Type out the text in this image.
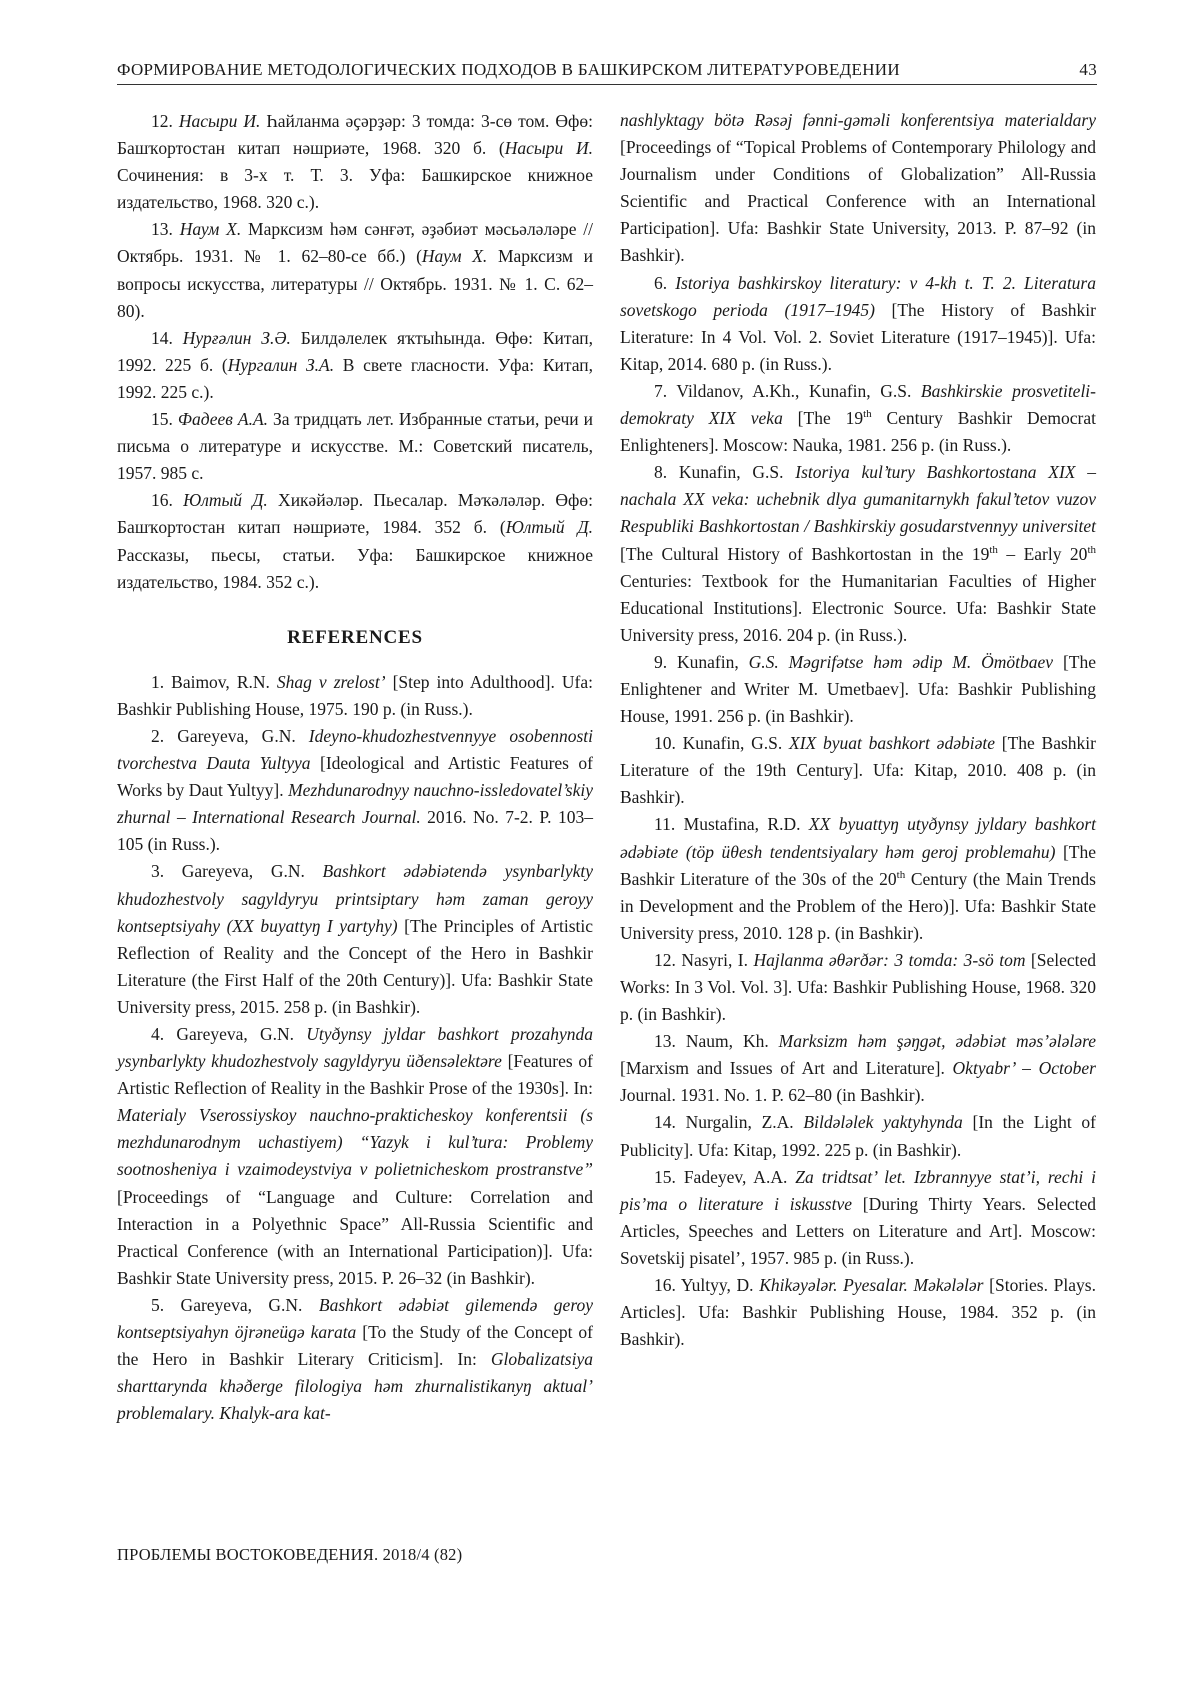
ФОРМИРОВАНИЕ МЕТОДОЛОГИЧЕСКИХ ПОДХОДОВ В БАШКИРСКОМ ЛИТЕРАТУРОВЕДЕНИИ	43

12. Насыри И. Һайланма әҫәрҙәр: 3 томда: 3-сө том. Өфө: Башҡортостан китап нәшриәте, 1968. 320 б. (Насыри И. Сочинения: в 3-х т. Т. 3. Уфа: Башкирское книжное издательство, 1968. 320 с.).

13. Наум Х. Марксизм һәм сәнғәт, әҙәбиәт мәсьәләләре // Октябрь. 1931. № 1. 62–80-се бб.) (Наум Х. Марксизм и вопросы искусства, литературы // Октябрь. 1931. № 1. С. 62–80).

14. Нурғәлин З.Ә. Билдәлелек яҡтыһында. Өфө: Китап, 1992. 225 б. (Нургалин З.А. В свете гласности. Уфа: Китап, 1992. 225 с.).

15. Фадеев А.А. За тридцать лет. Избранные статьи, речи и письма о литературе и искусстве. М.: Советский писатель, 1957. 985 с.

16. Юлтый Д. Хикәйәләр. Пьесалар. Мәҡәләләр. Өфө: Башҡортостан китап нәшриәте, 1984. 352 б. (Юлтый Д. Рассказы, пьесы, статьи. Уфа: Башкирское книжное издательство, 1984. 352 с.).

REFERENCES

1. Baimov, R.N. Shag v zrelost’ [Step into Adulthood]. Ufa: Bashkir Publishing House, 1975. 190 p. (in Russ.).

2. Gareyeva, G.N. Ideyno-khudozhestvennyye osobennosti tvorchestva Dauta Yultyya [Ideological and Artistic Features of Works by Daut Yultyy]. Mezhdunarodnyy nauchno-issledovatel’skiy zhurnal – International Research Journal. 2016. No. 7-2. P. 103–105 (in Russ.).

3. Gareyeva, G.N. Bashkort ədəbiətendə ysynbarlykty khudozhestvoly sagyldyryu printsiptary həm zaman geroyy kontseptsiyahy (XX buyattyŋ I yartyhy) [The Principles of Artistic Reflection of Reality and the Concept of the Hero in Bashkir Literature (the First Half of the 20th Century)]. Ufa: Bashkir State University press, 2015. 258 p. (in Bashkir).

4. Gareyeva, G.N. Utyðynsy jyldar bashkort prozahynda ysynbarlykty khudozhestvoly sagyldyryu üðensəlektəre [Features of Artistic Reflection of Reality in the Bashkir Prose of the 1930s]. In: Materialy Vserossiyskoy nauchno-prakticheskoy konferentsii (s mezhdunarodnym uchastiyem) “Yazyk i kul’tura: Problemy sootnosheniya i vzaimodeystviya v polietnicheskom prostranstve” [Proceedings of “Language and Culture: Correlation and Interaction in a Polyethnic Space” All-Russia Scientific and Practical Conference (with an International Participation)]. Ufa: Bashkir State University press, 2015. P. 26–32 (in Bashkir).

5. Gareyeva, G.N. Bashkort ədəbiət gilemendə geroy kontseptsiyahyn öjrəneügə karata [To the Study of the Concept of the Hero in Bashkir Literary Criticism]. In: Globalizatsiya sharttarynda khəðerge filologiya həm zhurnalistikanyŋ aktual’ problemalary. Khalyk-ara kat-

nashlyktagy bötə Rəsəj fənni-gəməli konferentsiya materialdary [Proceedings of “Topical Problems of Contemporary Philology and Journalism under Conditions of Globalization” All-Russia Scientific and Practical Conference with an International Participation]. Ufa: Bashkir State University, 2013. P. 87–92 (in Bashkir).

6. Istoriya bashkirskoy literatury: v 4-kh t. T. 2. Literatura sovetskogo perioda (1917–1945) [The History of Bashkir Literature: In 4 Vol. Vol. 2. Soviet Literature (1917–1945)]. Ufa: Kitap, 2014. 680 p. (in Russ.).

7. Vildanov, A.Kh., Kunafin, G.S. Bashkirskie prosvetiteli-demokraty XIX veka [The 19th Century Bashkir Democrat Enlighteners]. Moscow: Nauka, 1981. 256 p. (in Russ.).

8. Kunafin, G.S. Istoriya kul’tury Bashkortostana XIX – nachala XX veka: uchebnik dlya gumanitarnykh fakul’tetov vuzov Respubliki Bashkortostan / Bashkirskiy gosudarstvennyy universitet [The Cultural History of Bashkortostan in the 19th – Early 20th Centuries: Textbook for the Humanitarian Faculties of Higher Educational Institutions]. Electronic Source. Ufa: Bashkir State University press, 2016. 204 p. (in Russ.).

9. Kunafin, G.S. Məgrifətse həm ədip M. Ömötbaev [The Enlightener and Writer M. Umetbaev]. Ufa: Bashkir Publishing House, 1991. 256 p. (in Bashkir).

10. Kunafin, G.S. XIX byuat bashkort ədəbiəte [The Bashkir Literature of the 19th Century]. Ufa: Kitap, 2010. 408 p. (in Bashkir).

11. Mustafina, R.D. XX byuattyŋ utyðynsy jyldary bashkort ədəbiəte (töp üθesh tendentsiyalary həm geroj problemahu) [The Bashkir Literature of the 30s of the 20th Century (the Main Trends in Development and the Problem of the Hero)]. Ufa: Bashkir State University press, 2010. 128 p. (in Bashkir).

12. Nasyri, I. Hajlanma əθərðər: 3 tomda: 3-sö tom [Selected Works: In 3 Vol. Vol. 3]. Ufa: Bashkir Publishing House, 1968. 320 p. (in Bashkir).

13. Naum, Kh. Marksizm həm şəŋgət, ədəbiət məs’ələləre [Marxism and Issues of Art and Literature]. Oktyabr’ – October Journal. 1931. No. 1. P. 62–80 (in Bashkir).

14. Nurgalin, Z.A. Bildələlek yaktyhynda [In the Light of Publicity]. Ufa: Kitap, 1992. 225 p. (in Bashkir).

15. Fadeyev, A.A. Za tridtsat’ let. Izbrannyye stat’i, rechi i pis’ma o literature i iskusstve [During Thirty Years. Selected Articles, Speeches and Letters on Literature and Art]. Moscow: Sovetskij pisatel’, 1957. 985 p. (in Russ.).

16. Yultyy, D. Khikəyələr. Pyesalar. Məkələlər [Stories. Plays. Articles]. Ufa: Bashkir Publishing House, 1984. 352 p. (in Bashkir).

ПРОБЛЕМЫ ВОСТОКОВЕДЕНИЯ. 2018/4 (82)
